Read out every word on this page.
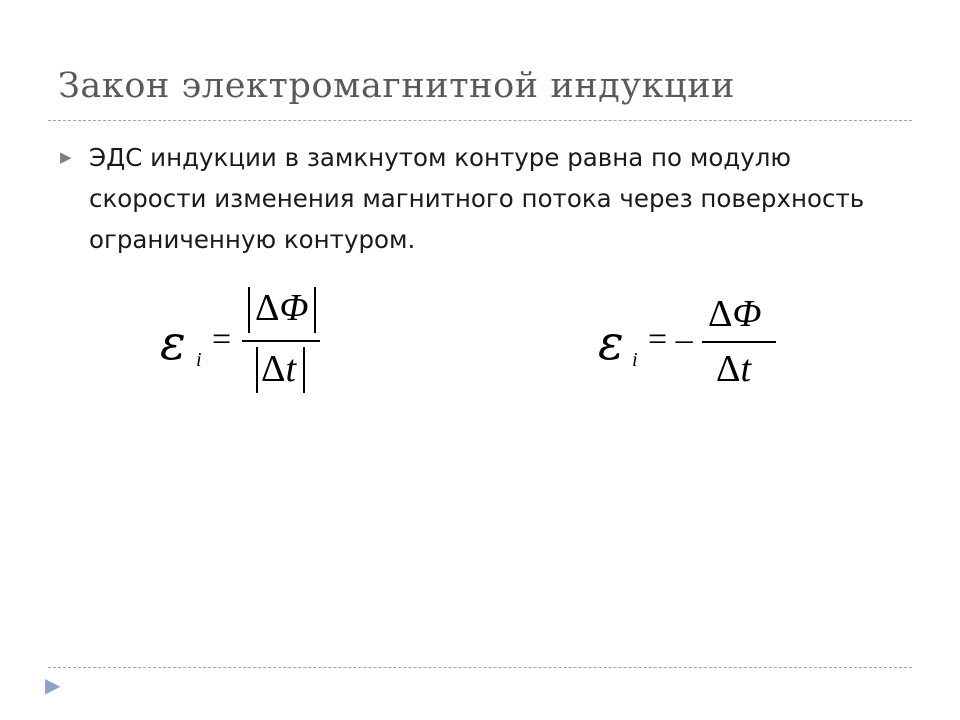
Закон электромагнитной индукции
▶ ЭДС индукции в замкнутом контуре равна по модулю скорости изменения магнитного потока через поверхность ограниченную контуром.
ε i
=
ΔΦ
Δt	ε i
= –
ΔΦ
Δt
▶
